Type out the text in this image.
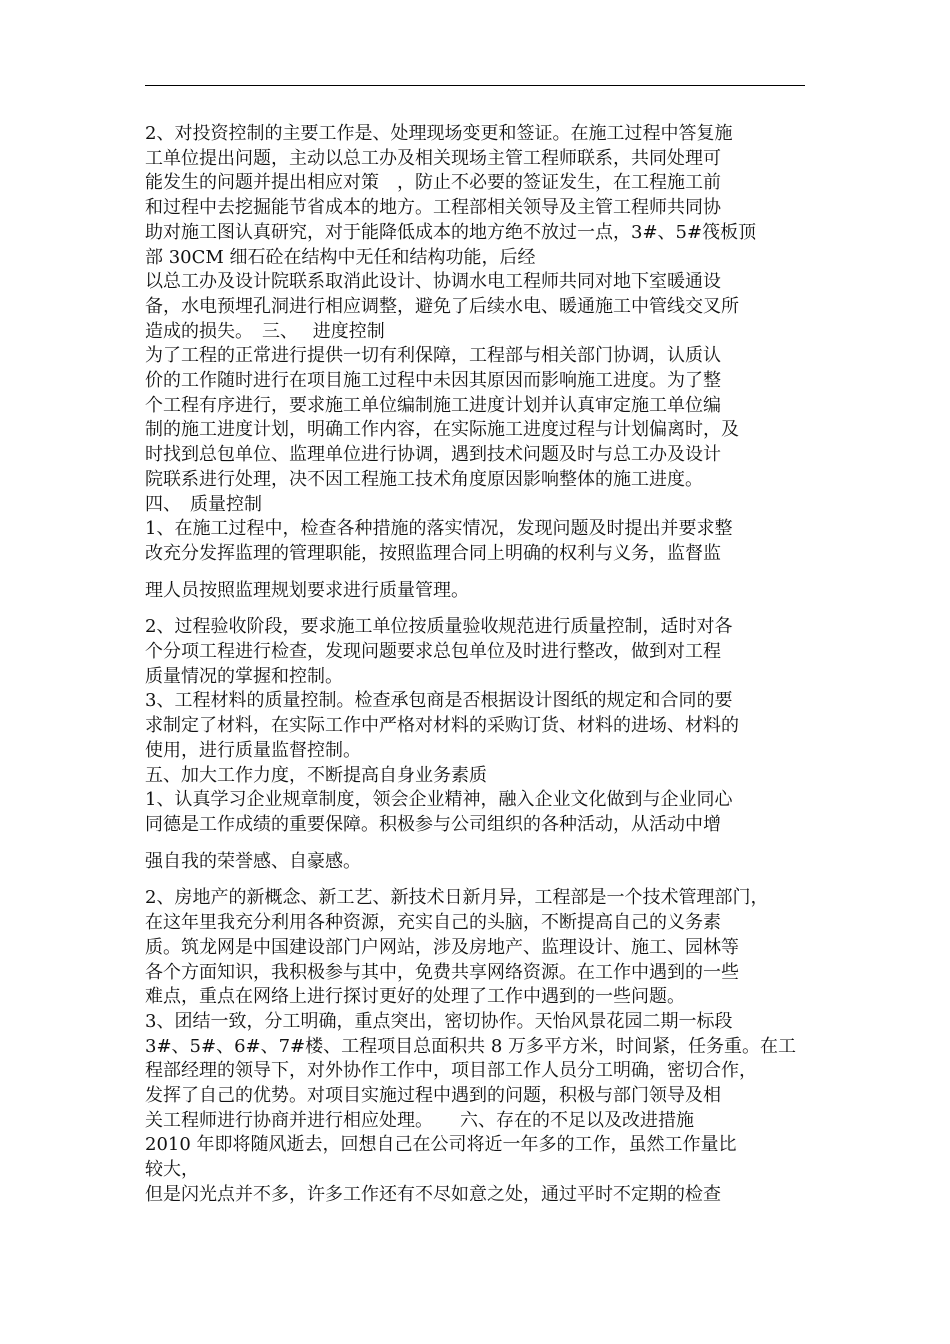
2、对投资控制的主要工作是、处理现场变更和签证。在施工过程中答复施

工单位提出问题，主动以总工办及相关现场主管工程师联系，共同处理可

能发生的问题并提出相应对策　，防止不必要的签证发生，在工程施工前

和过程中去挖掘能节省成本的地方。工程部相关领导及主管工程师共同协

助对施工图认真研究，对于能降低成本的地方绝不放过一点，3#、5#筏板顶

部 30CM 细石砼在结构中无任和结构功能，后经

以总工办及设计院联系取消此设计、协调水电工程师共同对地下室暖通设

备，水电预埋孔洞进行相应调整，避免了后续水电、暖通施工中管线交叉所

造成的损失。　三、　 进度控制

为了工程的正常进行提供一切有利保障，工程部与相关部门协调，认质认

价的工作随时进行在项目施工过程中未因其原因而影响施工进度。为了整

个工程有序进行，要求施工单位编制施工进度计划并认真审定施工单位编

制的施工进度计划，明确工作内容，在实际施工进度过程与计划偏离时，及

时找到总包单位、监理单位进行协调，遇到技术问题及时与总工办及设计

院联系进行处理，决不因工程施工技术角度原因影响整体的施工进度。

四、　质量控制

1、在施工过程中，检查各种措施的落实情况，发现问题及时提出并要求整

改充分发挥监理的管理职能，按照监理合同上明确的权利与义务，监督监

理人员按照监理规划要求进行质量管理。

2、过程验收阶段，要求施工单位按质量验收规范进行质量控制，适时对各

个分项工程进行检查，发现问题要求总包单位及时进行整改，做到对工程

质量情况的掌握和控制。

3、工程材料的质量控制。检查承包商是否根据设计图纸的规定和合同的要

求制定了材料，在实际工作中严格对材料的采购订货、材料的进场、材料的

使用，进行质量监督控制。

五、加大工作力度，不断提高自身业务素质

1、认真学习企业规章制度，领会企业精神，融入企业文化做到与企业同心

同德是工作成绩的重要保障。积极参与公司组织的各种活动，从活动中增

强自我的荣誉感、自豪感。

2、房地产的新概念、新工艺、新技术日新月异，工程部是一个技术管理部门，

在这年里我充分利用各种资源，充实自己的头脑，不断提高自己的义务素

质。筑龙网是中国建设部门户网站，涉及房地产、监理设计、施工、园林等

各个方面知识，我积极参与其中，免费共享网络资源。在工作中遇到的一些

难点，重点在网络上进行探讨更好的处理了工作中遇到的一些问题。

3、团结一致，分工明确，重点突出，密切协作。天怡风景花园二期一标段

3#、5#、6#、7#楼、工程项目总面积共 8 万多平方米，时间紧，任务重。在工

程部经理的领导下，对外协作工作中，项目部工作人员分工明确，密切合作，

发挥了自己的优势。对项目实施过程中遇到的问题，积极与部门领导及相

关工程师进行协商并进行相应处理。　　六、存在的不足以及改进措施

2010 年即将随风逝去，回想自己在公司将近一年多的工作，虽然工作量比

较大，

但是闪光点并不多，许多工作还有不尽如意之处，通过平时不定期的检查
